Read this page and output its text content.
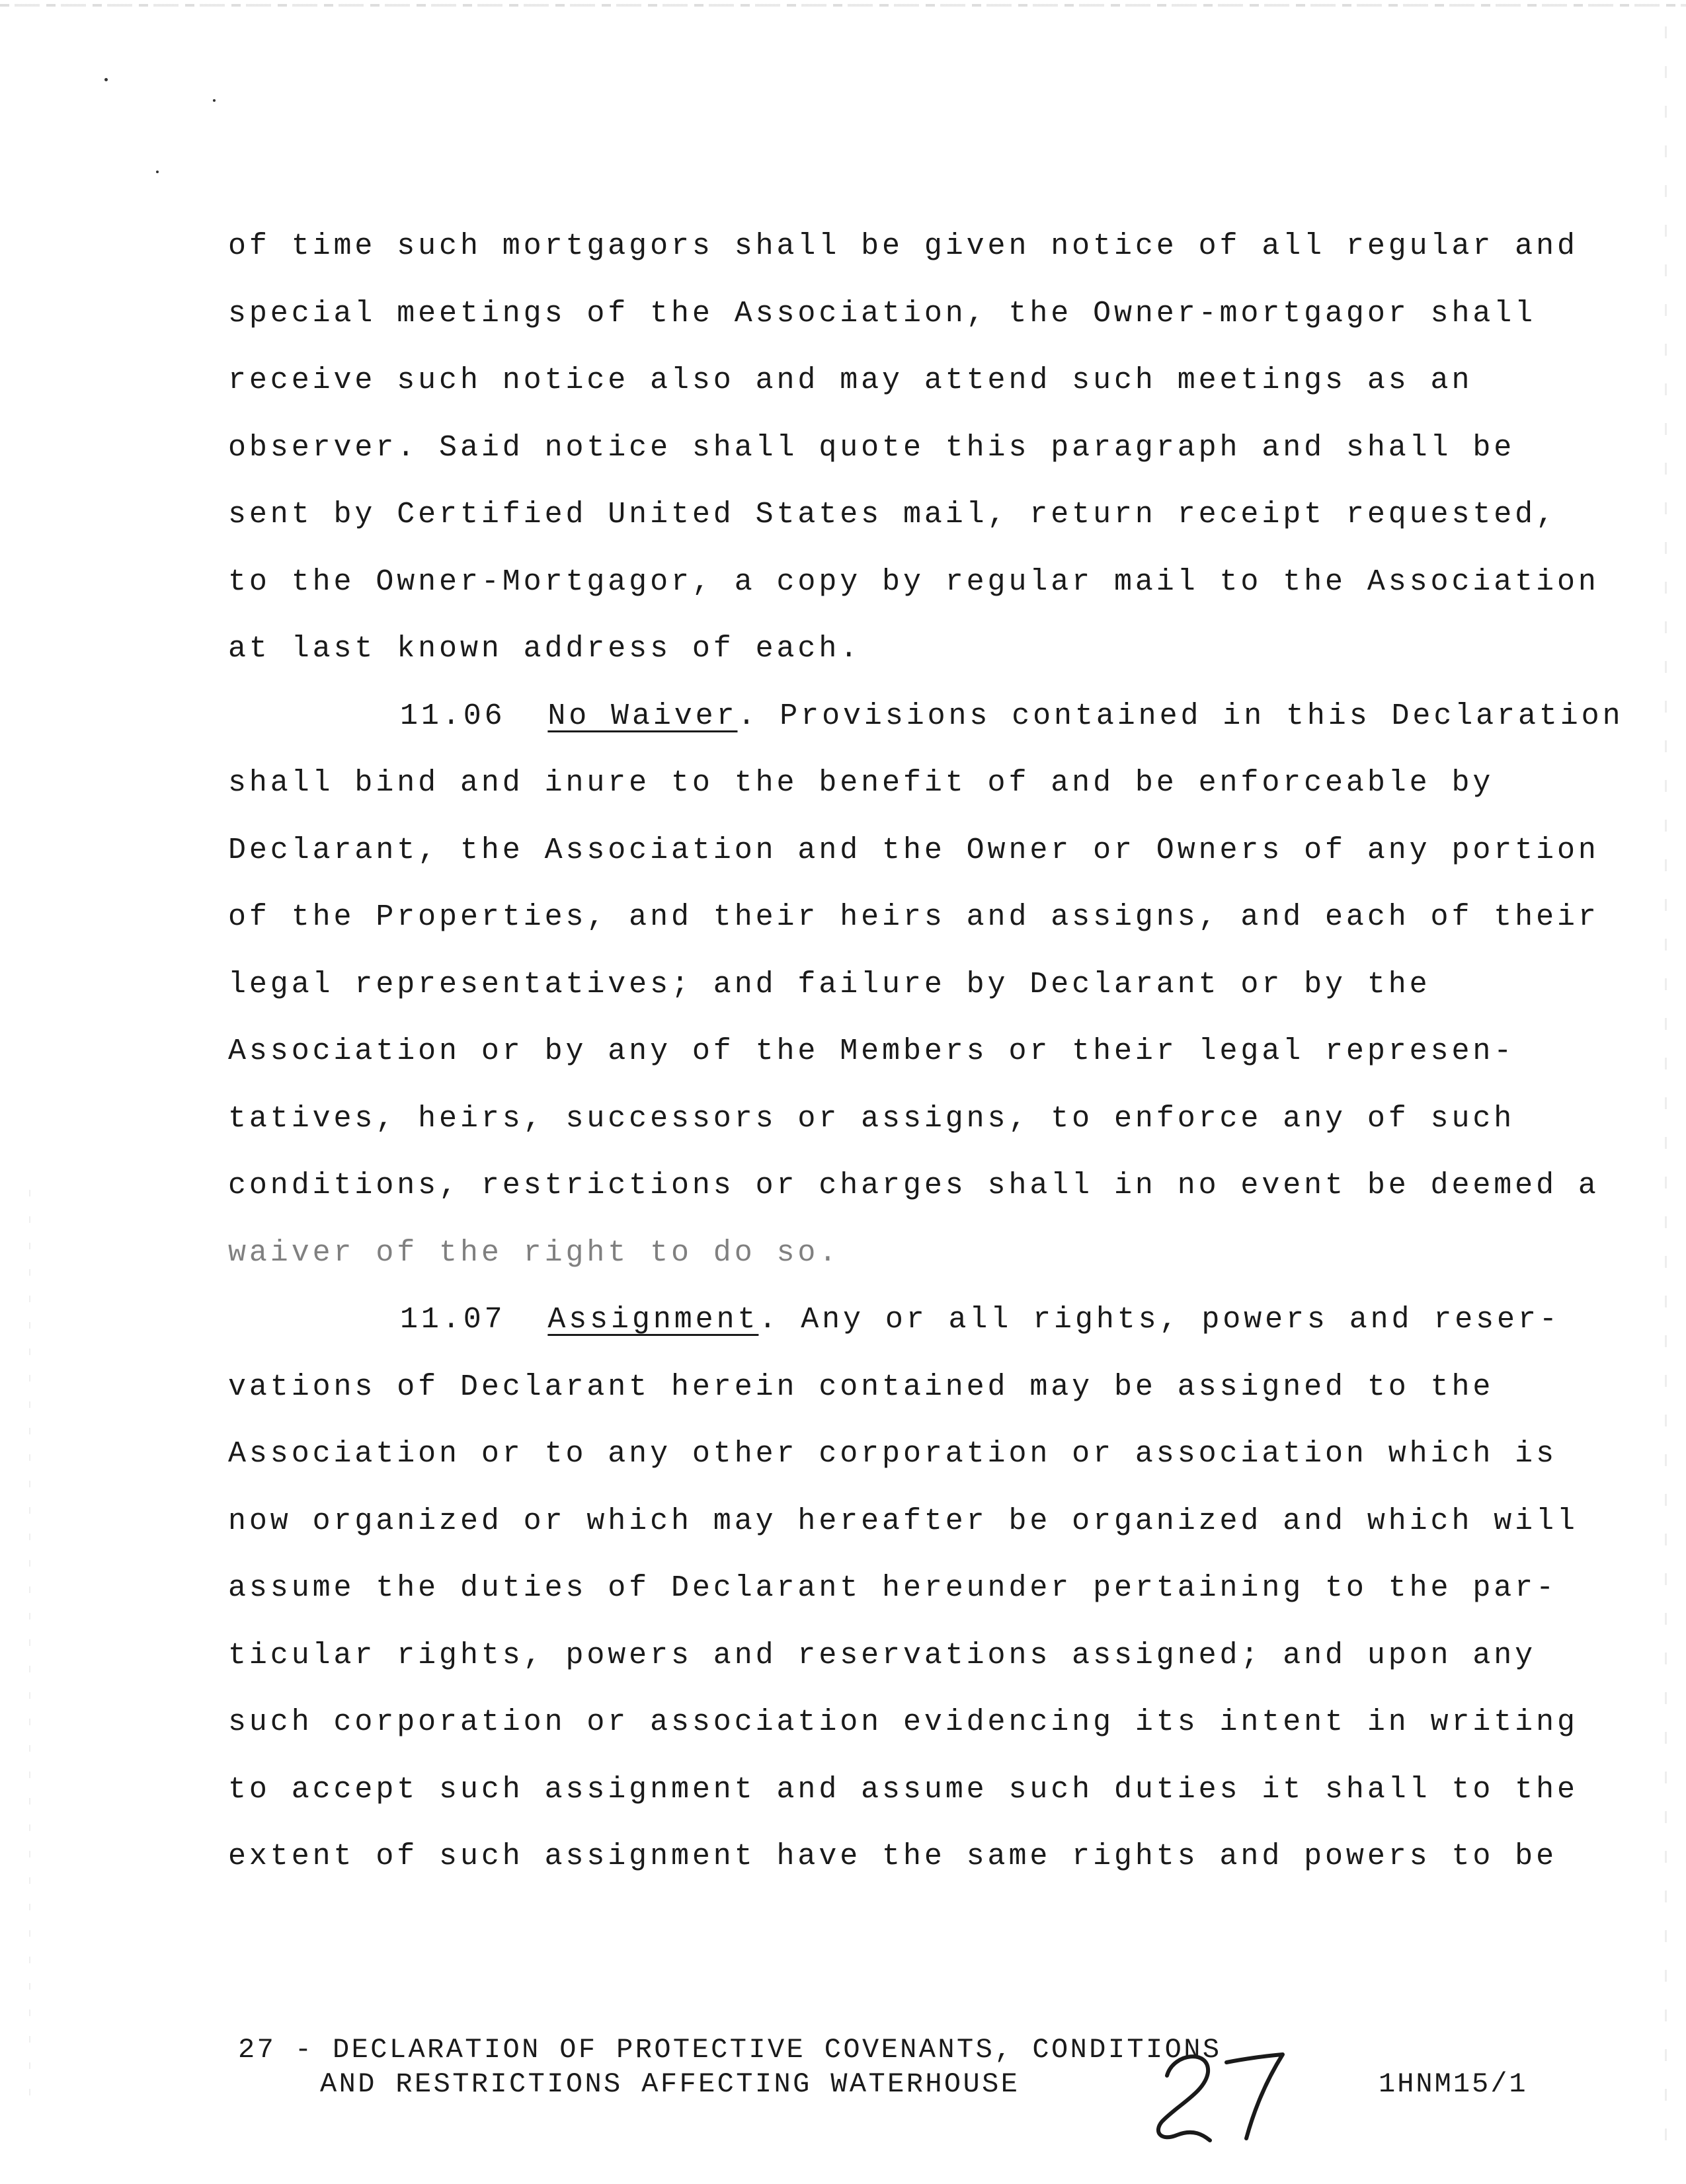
of time such mortgagors shall be given notice of all regular and
special meetings of the Association, the Owner-mortgagor shall
receive such notice also and may attend such meetings as an
observer. Said notice shall quote this paragraph and shall be
sent by Certified United States mail, return receipt requested,
to the Owner-Mortgagor, a copy by regular mail to the Association
at last known address of each.
11.06 No Waiver. Provisions contained in this Declaration
shall bind and inure to the benefit of and be enforceable by
Declarant, the Association and the Owner or Owners of any portion
of the Properties, and their heirs and assigns, and each of their
legal representatives; and failure by Declarant or by the
Association or by any of the Members or their legal represen-
tatives, heirs, successors or assigns, to enforce any of such
conditions, restrictions or charges shall in no event be deemed a
waiver of the right to do so.
11.07 Assignment. Any or all rights, powers and reser-
vations of Declarant herein contained may be assigned to the
Association or to any other corporation or association which is
now organized or which may hereafter be organized and which will
assume the duties of Declarant hereunder pertaining to the par-
ticular rights, powers and reservations assigned; and upon any
such corporation or association evidencing its intent in writing
to accept such assignment and assume such duties it shall to the
extent of such assignment have the same rights and powers to be
27 - DECLARATION OF PROTECTIVE COVENANTS, CONDITIONS
AND RESTRICTIONS AFFECTING WATERHOUSE	1HNM15/1
